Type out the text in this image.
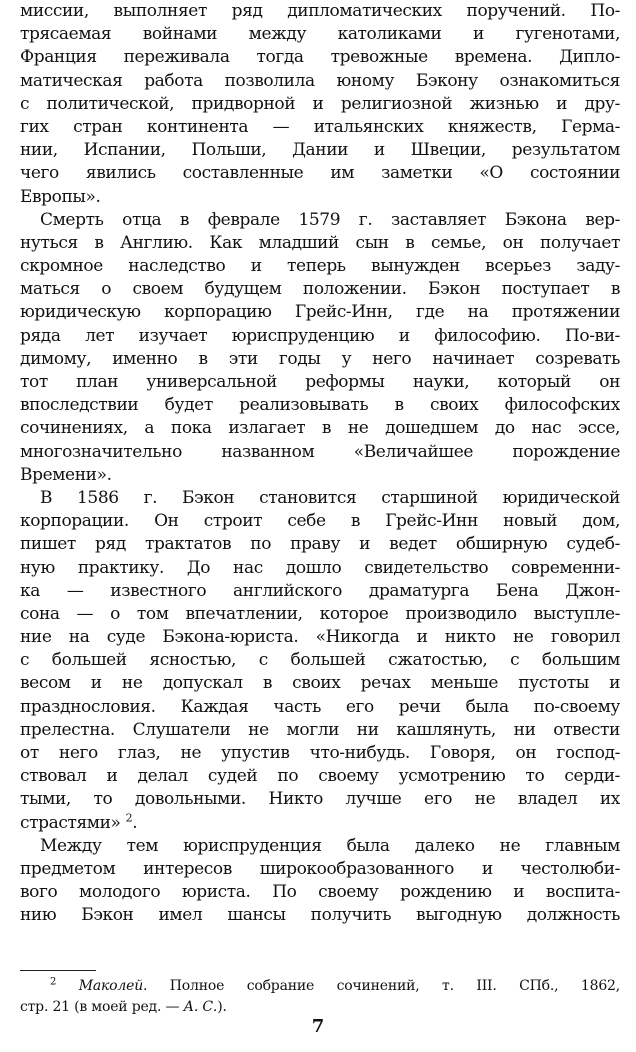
миссии, выполняет ряд дипломатических поручений. По-
трясаемая войнами между католиками и гугенотами,
Франция переживала тогда тревожные времена. Дипло-
матическая работа позволила юному Бэкону ознакомиться
с политической, придворной и религиозной жизнью и дру-
гих стран континента — итальянских княжеств, Герма-
нии, Испании, Польши, Дании и Швеции, результатом
чего явились составленные им заметки «О состоянии
Европы».
Смерть отца в феврале 1579 г. заставляет Бэкона вер-
нуться в Англию. Как младший сын в семье, он получает
скромное наследство и теперь вынужден всерьез заду-
маться о своем будущем положении. Бэкон поступает в
юридическую корпорацию Грейс-Инн, где на протяжении
ряда лет изучает юриспруденцию и философию. По-ви-
димому, именно в эти годы у него начинает созревать
тот план универсальной реформы науки, который он
впоследствии будет реализовывать в своих философских
сочинениях, а пока излагает в не дошедшем до нас эссе,
многозначительно названном «Величайшее порождение
Времени».
В 1586 г. Бэкон становится старшиной юридической
корпорации. Он строит себе в Грейс-Инн новый дом,
пишет ряд трактатов по праву и ведет обширную судеб-
ную практику. До нас дошло свидетельство современни-
ка — известного английского драматурга Бена Джон-
сона — о том впечатлении, которое производило выступле-
ние на суде Бэкона-юриста. «Никогда и никто не говорил
с большей ясностью, с большей сжатостью, с большим
весом и не допускал в своих речах меньше пустоты и
празднословия. Каждая часть его речи была по-своему
прелестна. Слушатели не могли ни кашлянуть, ни отвести
от него глаз, не упустив что-нибудь. Говоря, он господ-
ствовал и делал судей по своему усмотрению то серди-
тыми, то довольными. Никто лучше его не владел их
страстями» $^2$.
Между тем юриспруденция была далеко не главным
предметом интересов широкообразованного и честолюби-
вого молодого юриста. По своему рождению и воспита-
нию Бэкон имел шансы получить выгодную должность
$^2$ Маколей. Полное собрание сочинений, т. III. СПб., 1862,
стр. 21 (в моей ред. — А. С.).
7
